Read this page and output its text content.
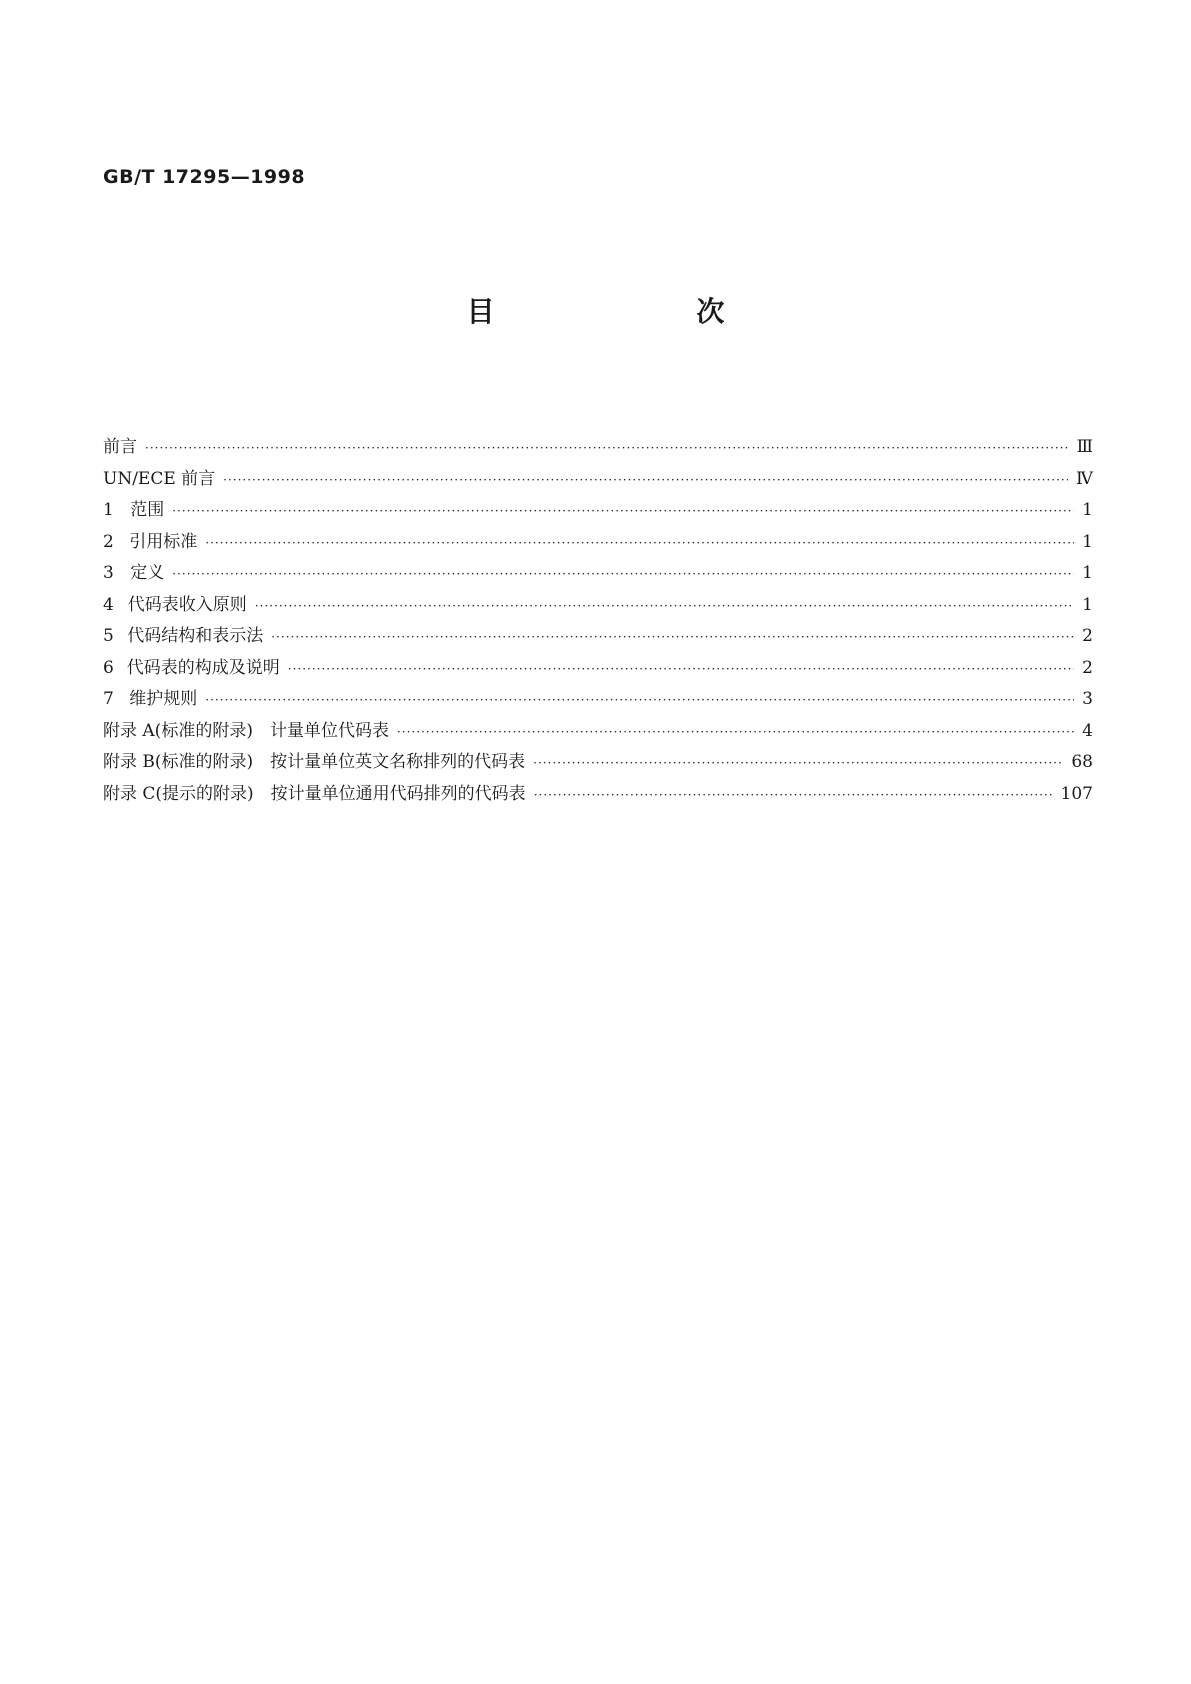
GB/T 17295—1998
目 次
前言 ·····	Ⅲ
UN/ECE 前言 ·····	Ⅳ
1 范围 ·····	1
2 引用标准 ·····	1
3 定义 ·····	1
4 代码表收入原则 ·····	1
5 代码结构和表示法 ·····	2
6 代码表的构成及说明 ·····	2
7 维护规则 ·····	3
附录 A(标准的附录)　计量单位代码表 ·····	4
附录 B(标准的附录)　按计量单位英文名称排列的代码表 ·····	68
附录 C(提示的附录)　按计量单位通用代码排列的代码表 ·····	107
